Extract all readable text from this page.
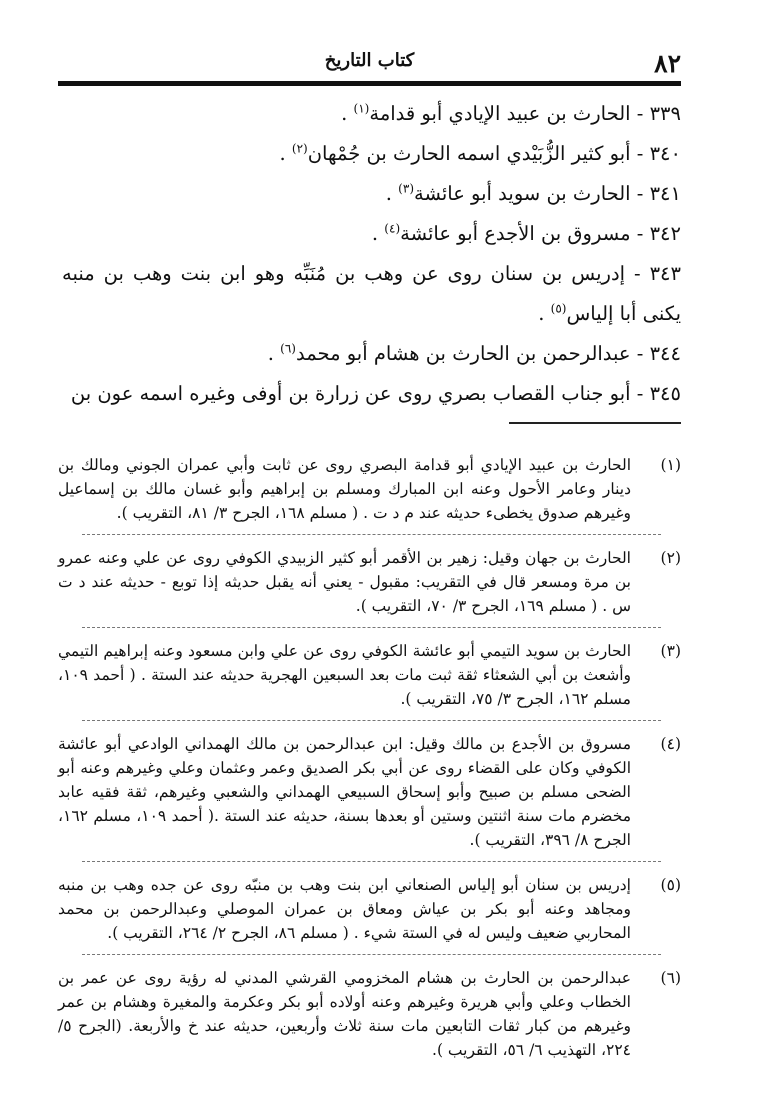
٨٢
كتاب التاريخ

٣٣٩ - الحارث بن عبيد الإيادي أبو قدامة$^{(١)}$ .

٣٤٠ - أبو كثير الزُّبَيْدي اسمه الحارث بن جُمْهان$^{(٢)}$ .

٣٤١ - الحارث بن سويد أبو عائشة$^{(٣)}$ .

٣٤٢ - مسروق بن الأجدع أبو عائشة$^{(٤)}$ .

٣٤٣ - إدريس بن سنان روى عن وهب بن مُنَبِّه وهو ابن بنت وهب بن منبه يكنى أبا إلياس$^{(٥)}$ .

٣٤٤ - عبدالرحمن بن الحارث بن هشام أبو محمد$^{(٦)}$ .

٣٤٥ - أبو جناب القصاب بصري روى عن زرارة بن أوفى وغيره اسمه عون بن

(١)
الحارث بن عبيد الإيادي أبو قدامة البصري روى عن ثابت وأبي عمران الجوني ومالك بن دينار وعامر الأحول وعنه ابن المبارك ومسلم بن إبراهيم وأبو غسان مالك بن إسماعيل وغيرهم صدوق يخطىء حديثه عند م د ت . ( مسلم ١٦٨، الجرح ٣/ ٨١، التقريب ).
(٢)
الحارث بن جهان وقيل: زهير بن الأقمر أبو كثير الزبيدي الكوفي روى عن علي وعنه عمرو بن مرة ومسعر قال في التقريب: مقبول - يعني أنه يقبل حديثه إذا توبع - حديثه عند د ت س . ( مسلم ١٦٩، الجرح ٣/ ٧٠، التقريب ).
(٣)
الحارث بن سويد التيمي أبو عائشة الكوفي روى عن علي وابن مسعود وعنه إبراهيم التيمي وأشعث بن أبي الشعثاء ثقة ثبت مات بعد السبعين الهجرية حديثه عند الستة . ( أحمد ١٠٩، مسلم ١٦٢، الجرح ٣/ ٧٥، التقريب ).
(٤)
مسروق بن الأجدع بن مالك وقيل: ابن عبدالرحمن بن مالك الهمداني الوادعي أبو عائشة الكوفي وكان على القضاء روى عن أبي بكر الصديق وعمر وعثمان وعلي وغيرهم وعنه أبو الضحى مسلم بن صبيح وأبو إسحاق السبيعي الهمداني والشعبي وغيرهم، ثقة فقيه عابد مخضرم مات سنة اثنتين وستين أو بعدها بسنة، حديثه عند الستة .( أحمد ١٠٩، مسلم ١٦٢، الجرح ٨/ ٣٩٦، التقريب ).
(٥)
إدريس بن سنان أبو إلياس الصنعاني ابن بنت وهب بن منبّه روى عن جده وهب بن منبه ومجاهد وعنه أبو بكر بن عياش ومعاق بن عمران الموصلي وعبدالرحمن بن محمد المحاربي ضعيف وليس له في الستة شيء . ( مسلم ٨٦، الجرح ٢/ ٢٦٤، التقريب ).
(٦)
عبدالرحمن بن الحارث بن هشام المخزومي القرشي المدني له رؤية روى عن عمر بن الخطاب وعلي وأبي هريرة وغيرهم وعنه أولاده أبو بكر وعكرمة والمغيرة وهشام بن عمر وغيرهم من كبار ثقات التابعين مات سنة ثلاث وأربعين، حديثه عند خ والأربعة. (الجرح ٥/ ٢٢٤، التهذيب ٦/ ٥٦، التقريب ).
